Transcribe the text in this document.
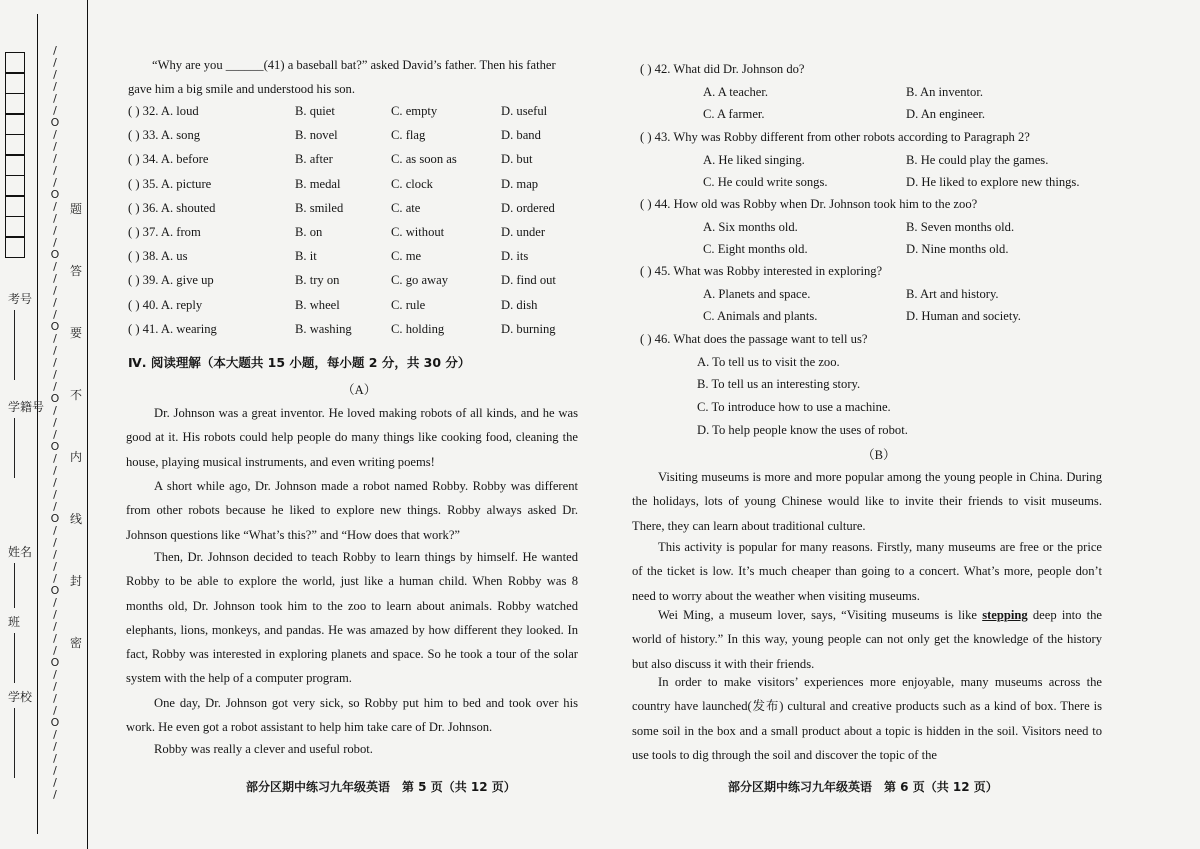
考号
学籍号
姓名
班
学校
/
/
/
/
/
/
O
/
/
/
/
/
O
/
/
/
/
O
/
/
/
/
/
O
/
/
/
/
/
O
/
/
/
O
/
/
/
/
/
O
/
/
/
/
/
O
/
/
/
/
/
O
/
/
/
/
O
/
/
/
/
/
/
题
答
要
不
内
线
封
密
“Why are you ______(41) a baseball bat?” asked David’s father. Then his father
gave him a big smile and understood his son.
( ) 32. A. loud	B. quiet	C. empty	D. useful
( ) 33. A. song	B. novel	C. flag	D. band
( ) 34. A. before	B. after	C. as soon as	D. but
( ) 35. A. picture	B. medal	C. clock	D. map
( ) 36. A. shouted	B. smiled	C. ate	D. ordered
( ) 37. A. from	B. on	C. without	D. under
( ) 38. A. us	B. it	C. me	D. its
( ) 39. A. give up	B. try on	C. go away	D. find out
( ) 40. A. reply	B. wheel	C. rule	D. dish
( ) 41. A. wearing	B. washing	C. holding	D. burning
Ⅳ. 阅读理解（本大题共 15 小题，每小题 2 分，共 30 分）
（A）
Dr. Johnson was a great inventor. He loved making robots of all kinds, and he was good at it. His robots could help people do many things like cooking food, cleaning the house, playing musical instruments, and even writing poems!
A short while ago, Dr. Johnson made a robot named Robby. Robby was different from other robots because he liked to explore new things. Robby always asked Dr. Johnson questions like “What’s this?” and “How does that work?”
Then, Dr. Johnson decided to teach Robby to learn things by himself. He wanted Robby to be able to explore the world, just like a human child. When Robby was 8 months old, Dr. Johnson took him to the zoo to learn about animals. Robby watched elephants, lions, monkeys, and pandas. He was amazed by how different they looked. In fact, Robby was interested in exploring planets and space. So he took a tour of the solar system with the help of a computer program.
One day, Dr. Johnson got very sick, so Robby put him to bed and took over his work. He even got a robot assistant to help him take care of Dr. Johnson.
Robby was really a clever and useful robot.
部分区期中练习九年级英语　第 5 页（共 12 页）
( ) 42. What did Dr. Johnson do?
A. A teacher.	B. An inventor.
C. A farmer.	D. An engineer.
( ) 43. Why was Robby different from other robots according to Paragraph 2?
A. He liked singing.	B. He could play the games.
C. He could write songs.	D. He liked to explore new things.
( ) 44. How old was Robby when Dr. Johnson took him to the zoo?
A. Six months old.	B. Seven months old.
C. Eight months old.	D. Nine months old.
( ) 45. What was Robby interested in exploring?
A. Planets and space.	B. Art and history.
C. Animals and plants.	D. Human and society.
( ) 46. What does the passage want to tell us?
A. To tell us to visit the zoo.
B. To tell us an interesting story.
C. To introduce how to use a machine.
D. To help people know the uses of robot.
（B）
Visiting museums is more and more popular among the young people in China. During the holidays, lots of young Chinese would like to invite their friends to visit museums. There, they can learn about traditional culture.
This activity is popular for many reasons. Firstly, many museums are free or the price of the ticket is low. It’s much cheaper than going to a concert. What’s more, people don’t need to worry about the weather when visiting museums.
Wei Ming, a museum lover, says, “Visiting museums is like stepping deep into the world of history.” In this way, young people can not only get the knowledge of the history but also discuss it with their friends.
In order to make visitors’ experiences more enjoyable, many museums across the country have launched(发布) cultural and creative products such as a kind of box. There is some soil in the box and a small product about a topic is hidden in the soil. Visitors need to use tools to dig through the soil and discover the topic of the
部分区期中练习九年级英语　第 6 页（共 12 页）
